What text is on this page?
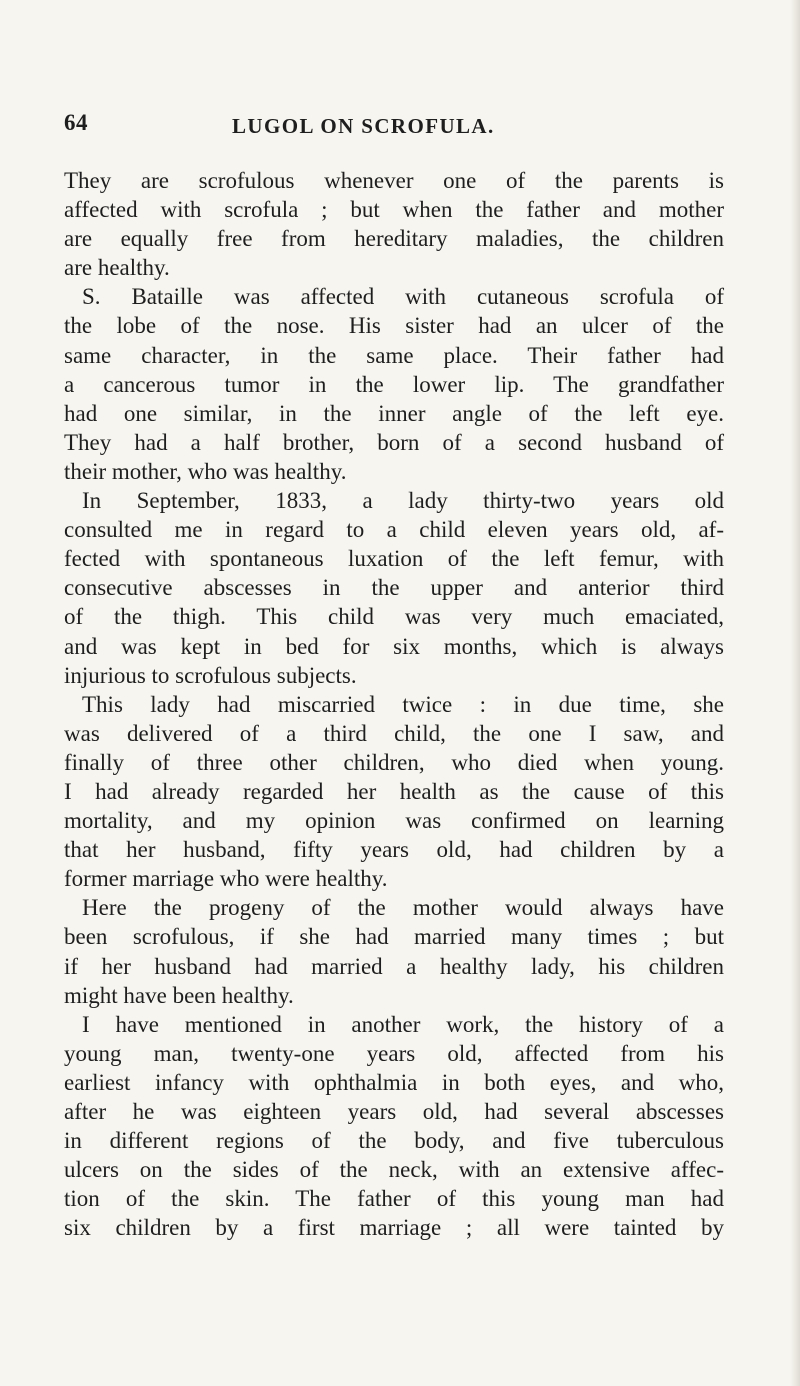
64	LUGOL ON SCROFULA.
They are scrofulous whenever one of the parents is
affected with scrofula ; but when the father and mother
are equally free from hereditary maladies, the children
are healthy.
S. Bataille was affected with cutaneous scrofula of
the lobe of the nose. His sister had an ulcer of the
same character, in the same place. Their father had
a cancerous tumor in the lower lip. The grandfather
had one similar, in the inner angle of the left eye.
They had a half brother, born of a second husband of
their mother, who was healthy.
In September, 1833, a lady thirty-two years old
consulted me in regard to a child eleven years old, af-
fected with spontaneous luxation of the left femur, with
consecutive abscesses in the upper and anterior third
of the thigh. This child was very much emaciated,
and was kept in bed for six months, which is always
injurious to scrofulous subjects.
This lady had miscarried twice : in due time, she
was delivered of a third child, the one I saw, and
finally of three other children, who died when young.
I had already regarded her health as the cause of this
mortality, and my opinion was confirmed on learning
that her husband, fifty years old, had children by a
former marriage who were healthy.
Here the progeny of the mother would always have
been scrofulous, if she had married many times ; but
if her husband had married a healthy lady, his children
might have been healthy.
I have mentioned in another work, the history of a
young man, twenty-one years old, affected from his
earliest infancy with ophthalmia in both eyes, and who,
after he was eighteen years old, had several abscesses
in different regions of the body, and five tuberculous
ulcers on the sides of the neck, with an extensive affec-
tion of the skin. The father of this young man had
six children by a first marriage ; all were tainted by
